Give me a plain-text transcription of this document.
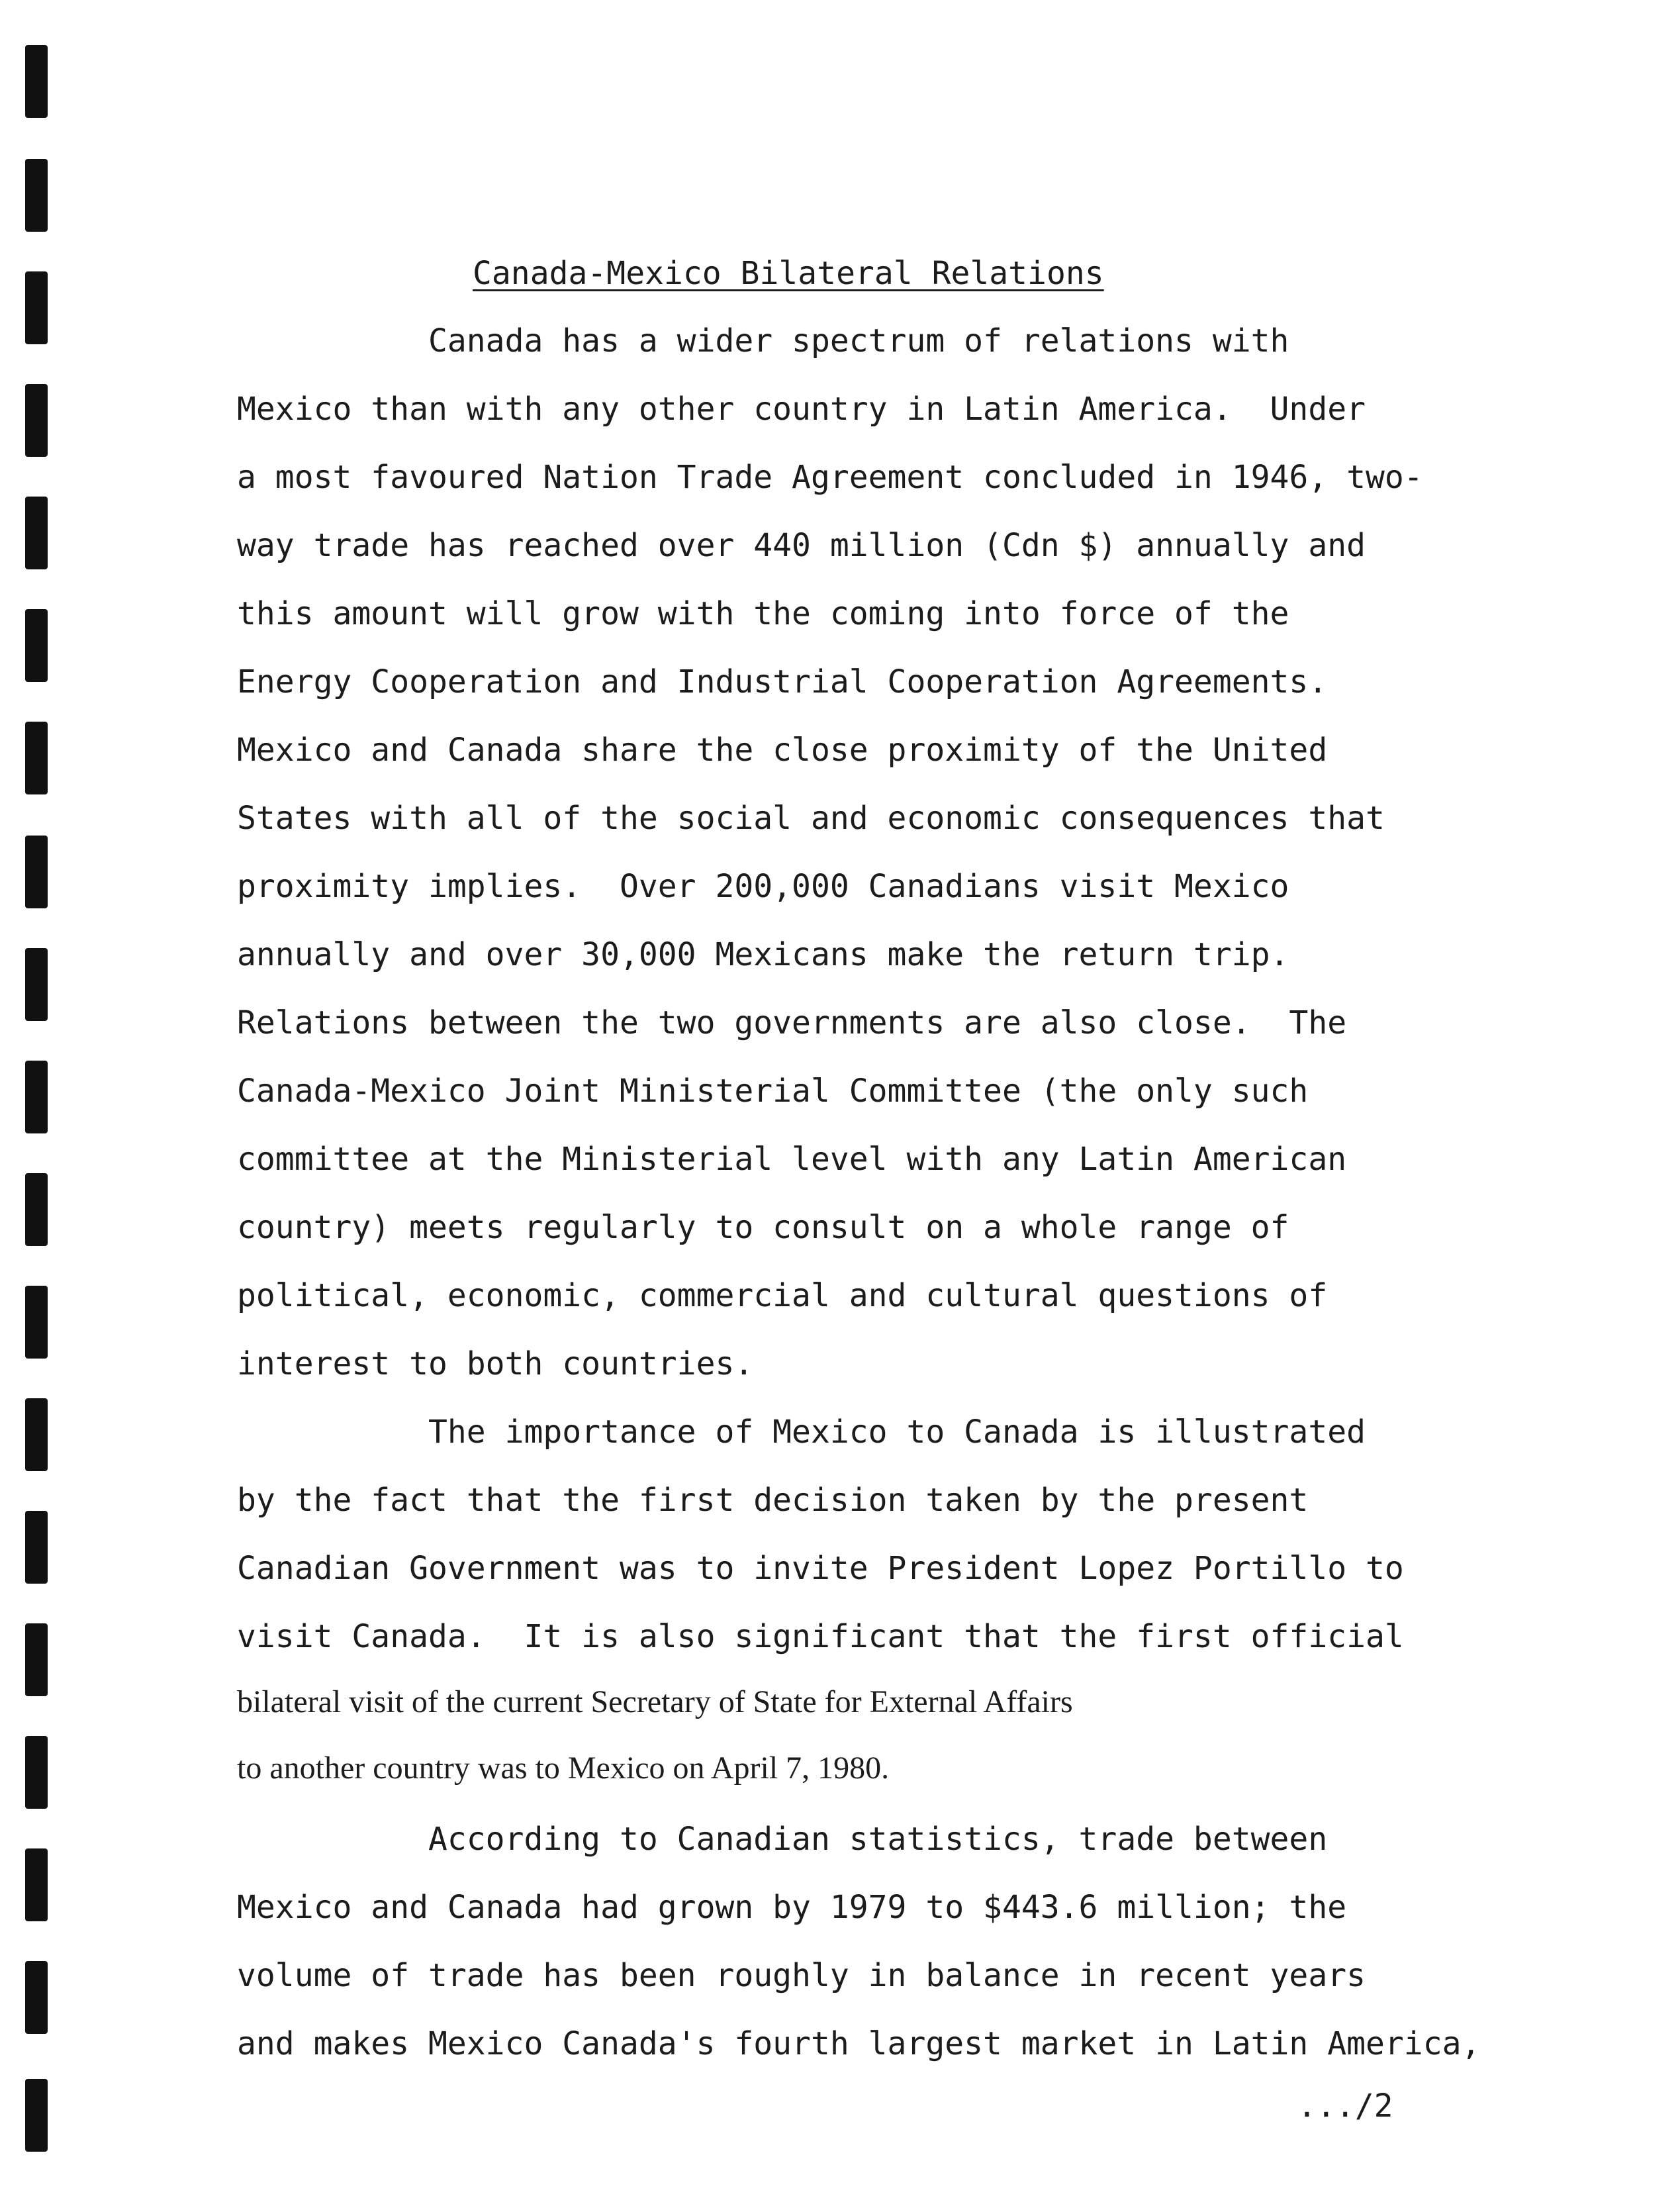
Canada-Mexico Bilateral Relations
Canada has a wider spectrum of relations with
Mexico than with any other country in Latin America.  Under
a most favoured Nation Trade Agreement concluded in 1946, two-
way trade has reached over 440 million (Cdn $) annually and
this amount will grow with the coming into force of the
Energy Cooperation and Industrial Cooperation Agreements.
Mexico and Canada share the close proximity of the United
States with all of the social and economic consequences that
proximity implies.  Over 200,000 Canadians visit Mexico
annually and over 30,000 Mexicans make the return trip.
Relations between the two governments are also close.  The
Canada-Mexico Joint Ministerial Committee (the only such
committee at the Ministerial level with any Latin American
country) meets regularly to consult on a whole range of
political, economic, commercial and cultural questions of
interest to both countries.
The importance of Mexico to Canada is illustrated
by the fact that the first decision taken by the present
Canadian Government was to invite President Lopez Portillo to
visit Canada.  It is also significant that the first official
bilateral visit of the current Secretary of State for External Affairs
to another country was to Mexico on April 7, 1980.
According to Canadian statistics, trade between
Mexico and Canada had grown by 1979 to $443.6 million; the
volume of trade has been roughly in balance in recent years
and makes Mexico Canada's fourth largest market in Latin America,
.../2
